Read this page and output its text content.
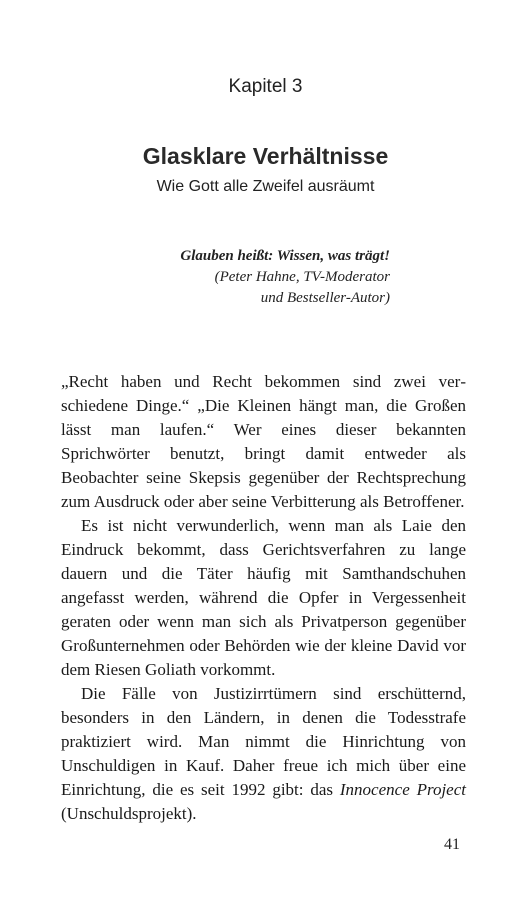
Kapitel 3
Glasklare Verhältnisse
Wie Gott alle Zweifel ausräumt
Glauben heißt: Wissen, was trägt!
(Peter Hahne, TV-Moderator
und Bestseller-Autor)

„Recht haben und Recht bekommen sind zwei verschiedene Dinge.“ „Die Kleinen hängt man, die Großen lässt man laufen.“ Wer eines dieser bekannten Sprichwörter benutzt, bringt damit entweder als Beobachter seine Skepsis gegenüber der Rechtsprechung zum Ausdruck oder aber seine Verbitterung als Betroffener.

Es ist nicht verwunderlich, wenn man als Laie den Eindruck bekommt, dass Gerichtsverfahren zu lange dauern und die Täter häufig mit Samthandschuhen angefasst werden, während die Opfer in Vergessenheit geraten oder wenn man sich als Privatperson gegenüber Großunternehmen oder Behörden wie der kleine David vor dem Riesen Goliath vorkommt.

Die Fälle von Justizirrtümern sind erschütternd, besonders in den Ländern, in denen die Todesstrafe praktiziert wird. Man nimmt die Hinrichtung von Unschuldigen in Kauf. Daher freue ich mich über eine Einrichtung, die es seit 1992 gibt: das Innocence Project (Unschuldsprojekt).

41
